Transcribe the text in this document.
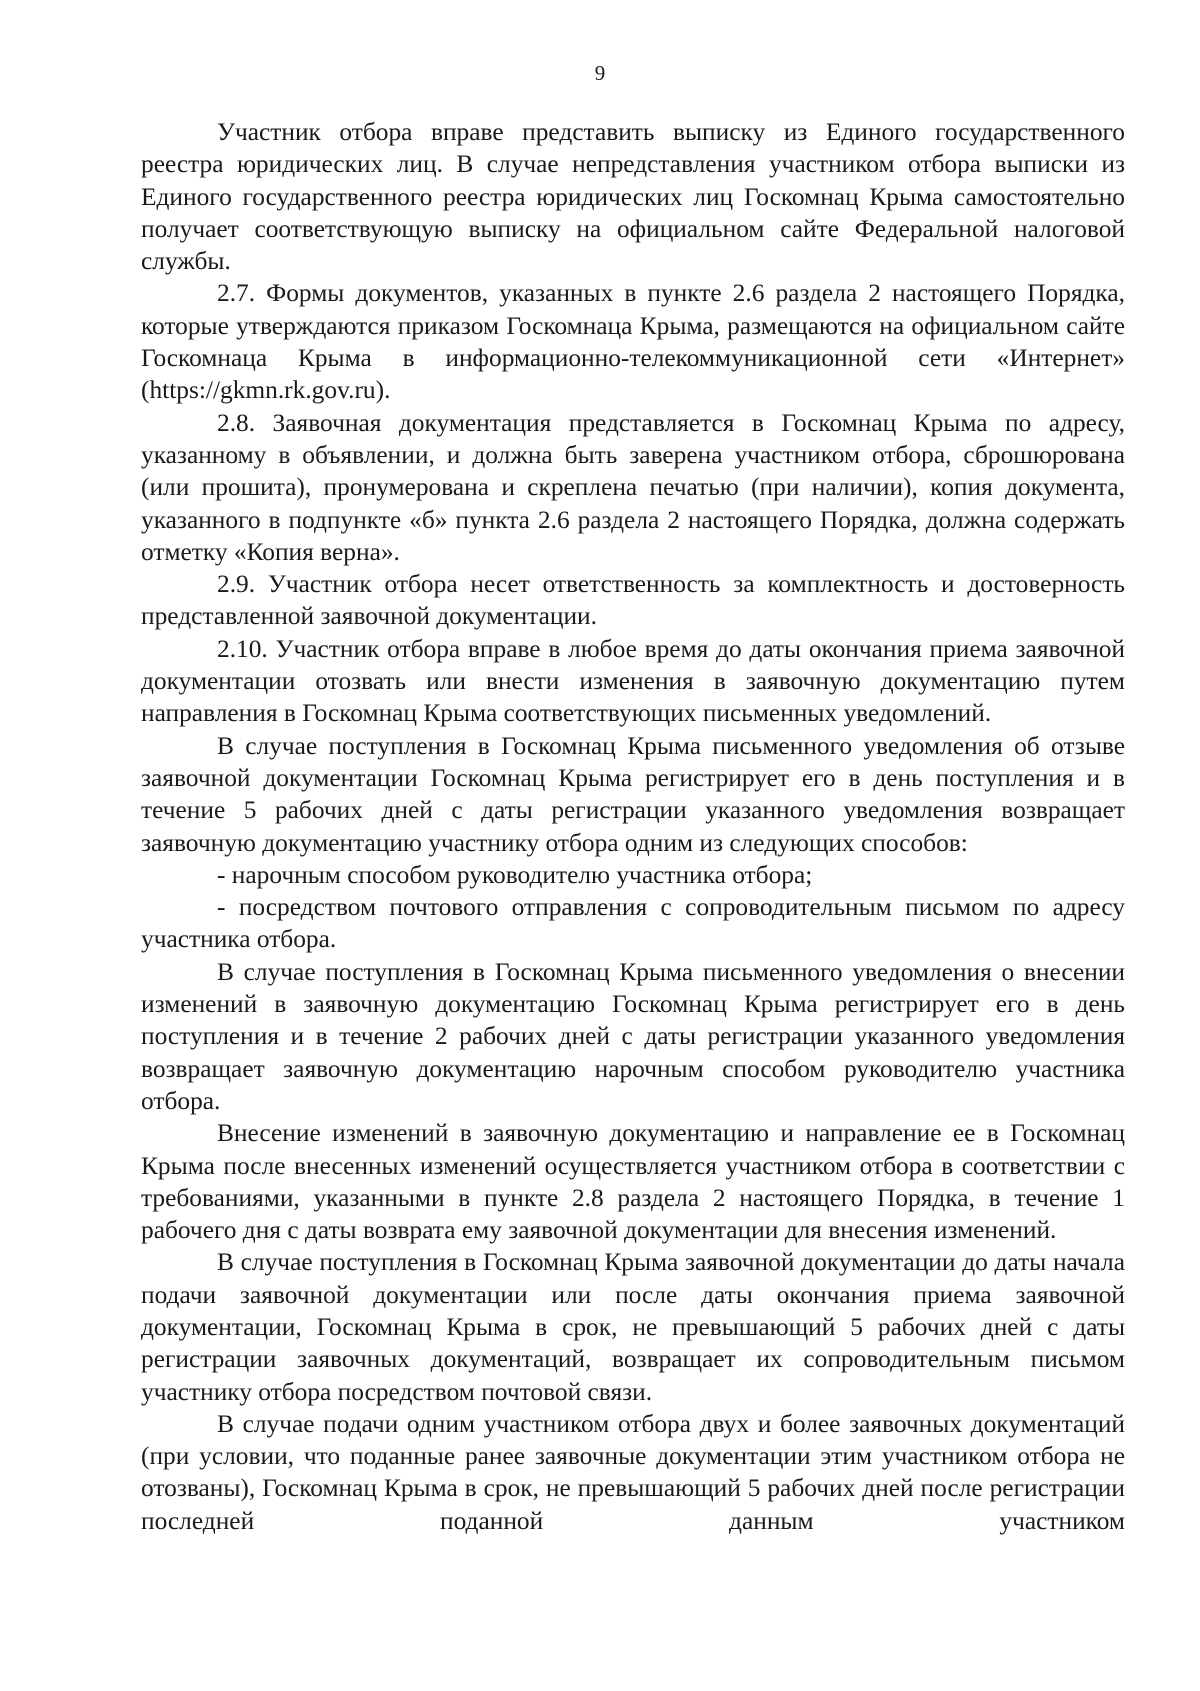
9

Участник отбора вправе представить выписку из Единого государственного реестра юридических лиц. В случае непредставления участником отбора выписки из Единого государственного реестра юридических лиц Госкомнац Крыма самостоятельно получает соответствующую выписку на официальном сайте Федеральной налоговой службы.

2.7. Формы документов, указанных в пункте 2.6 раздела 2 настоящего Порядка, которые утверждаются приказом Госкомнаца Крыма, размещаются на официальном сайте Госкомнаца Крыма в информационно-телекоммуникационной сети «Интернет» (https://gkmn.rk.gov.ru).

2.8. Заявочная документация представляется в Госкомнац Крыма по адресу, указанному в объявлении, и должна быть заверена участником отбора, сброшюрована (или прошита), пронумерована и скреплена печатью (при наличии), копия документа, указанного в подпункте «б» пункта 2.6 раздела 2 настоящего Порядка, должна содержать отметку «Копия верна».

2.9. Участник отбора несет ответственность за комплектность и достоверность представленной заявочной документации.

2.10. Участник отбора вправе в любое время до даты окончания приема заявочной документации отозвать или внести изменения в заявочную документацию путем направления в Госкомнац Крыма соответствующих письменных уведомлений.

В случае поступления в Госкомнац Крыма письменного уведомления об отзыве заявочной документации Госкомнац Крыма регистрирует его в день поступления и в течение 5 рабочих дней с даты регистрации указанного уведомления возвращает заявочную документацию участнику отбора одним из следующих способов:

- нарочным способом руководителю участника отбора;

- посредством почтового отправления с сопроводительным письмом по адресу участника отбора.

В случае поступления в Госкомнац Крыма письменного уведомления о внесении изменений в заявочную документацию Госкомнац Крыма регистрирует его в день поступления и в течение 2 рабочих дней с даты регистрации указанного уведомления возвращает заявочную документацию нарочным способом руководителю участника отбора.

Внесение изменений в заявочную документацию и направление ее в Госкомнац Крыма после внесенных изменений осуществляется участником отбора в соответствии с требованиями, указанными в пункте 2.8 раздела 2 настоящего Порядка, в течение 1 рабочего дня с даты возврата ему заявочной документации для внесения изменений.

В случае поступления в Госкомнац Крыма заявочной документации до даты начала подачи заявочной документации или после даты окончания приема заявочной документации, Госкомнац Крыма в срок, не превышающий 5 рабочих дней с даты регистрации заявочных документаций, возвращает их сопроводительным письмом участнику отбора посредством почтовой связи.

В случае подачи одним участником отбора двух и более заявочных документаций (при условии, что поданные ранее заявочные документации этим участником отбора не отозваны), Госкомнац Крыма в срок, не превышающий 5 рабочих дней после регистрации последней поданной данным участником
